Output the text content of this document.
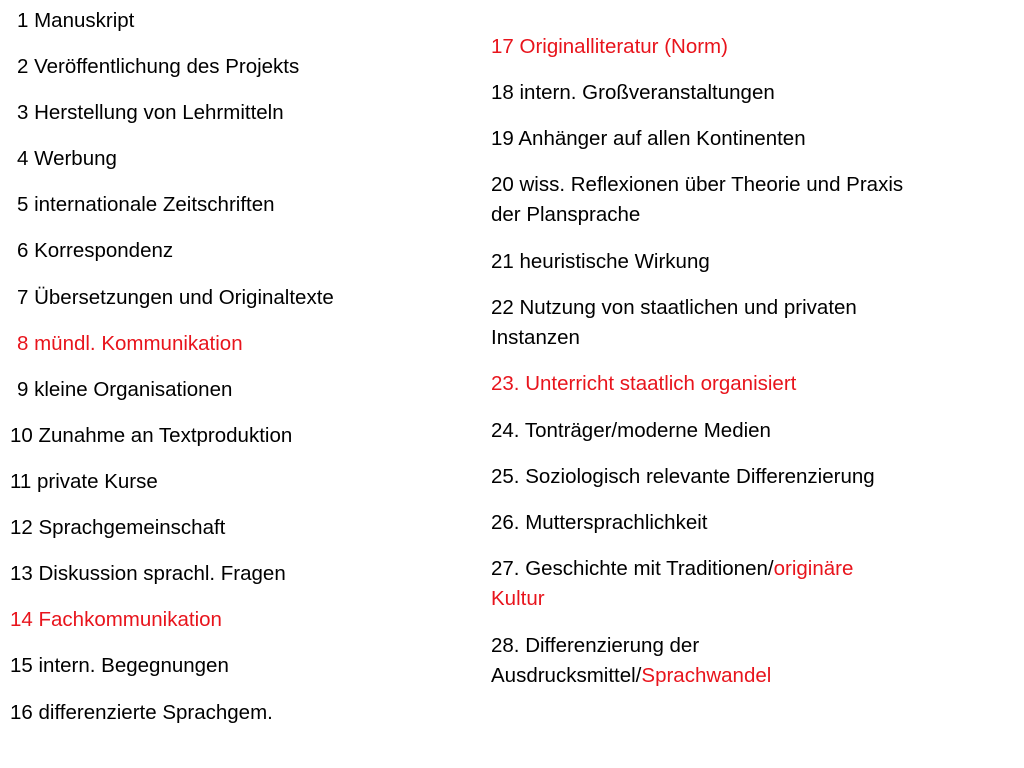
1 Manuskript
2 Veröffentlichung des Projekts
3 Herstellung von Lehrmitteln
4 Werbung
5 internationale Zeitschriften
6 Korrespondenz
7 Übersetzungen und Originaltexte
8 mündl. Kommunikation
9 kleine Organisationen
10 Zunahme an Textproduktion
11 private Kurse
12 Sprachgemeinschaft
13 Diskussion sprachl. Fragen
14 Fachkommunikation
15 intern. Begegnungen
16 differenzierte Sprachgem.
17 Originalliteratur (Norm)
18 intern. Großveranstaltungen
19 Anhänger auf allen Kontinenten
20 wiss. Reflexionen über Theorie und Praxis
der Plansprache
21 heuristische Wirkung
22 Nutzung von staatlichen und privaten
Instanzen
23. Unterricht staatlich organisiert
24. Tonträger/moderne Medien
25. Soziologisch relevante Differenzierung
26. Muttersprachlichkeit
27. Geschichte mit Traditionen/originäre
Kultur
28. Differenzierung der
Ausdrucksmittel/Sprachwandel
